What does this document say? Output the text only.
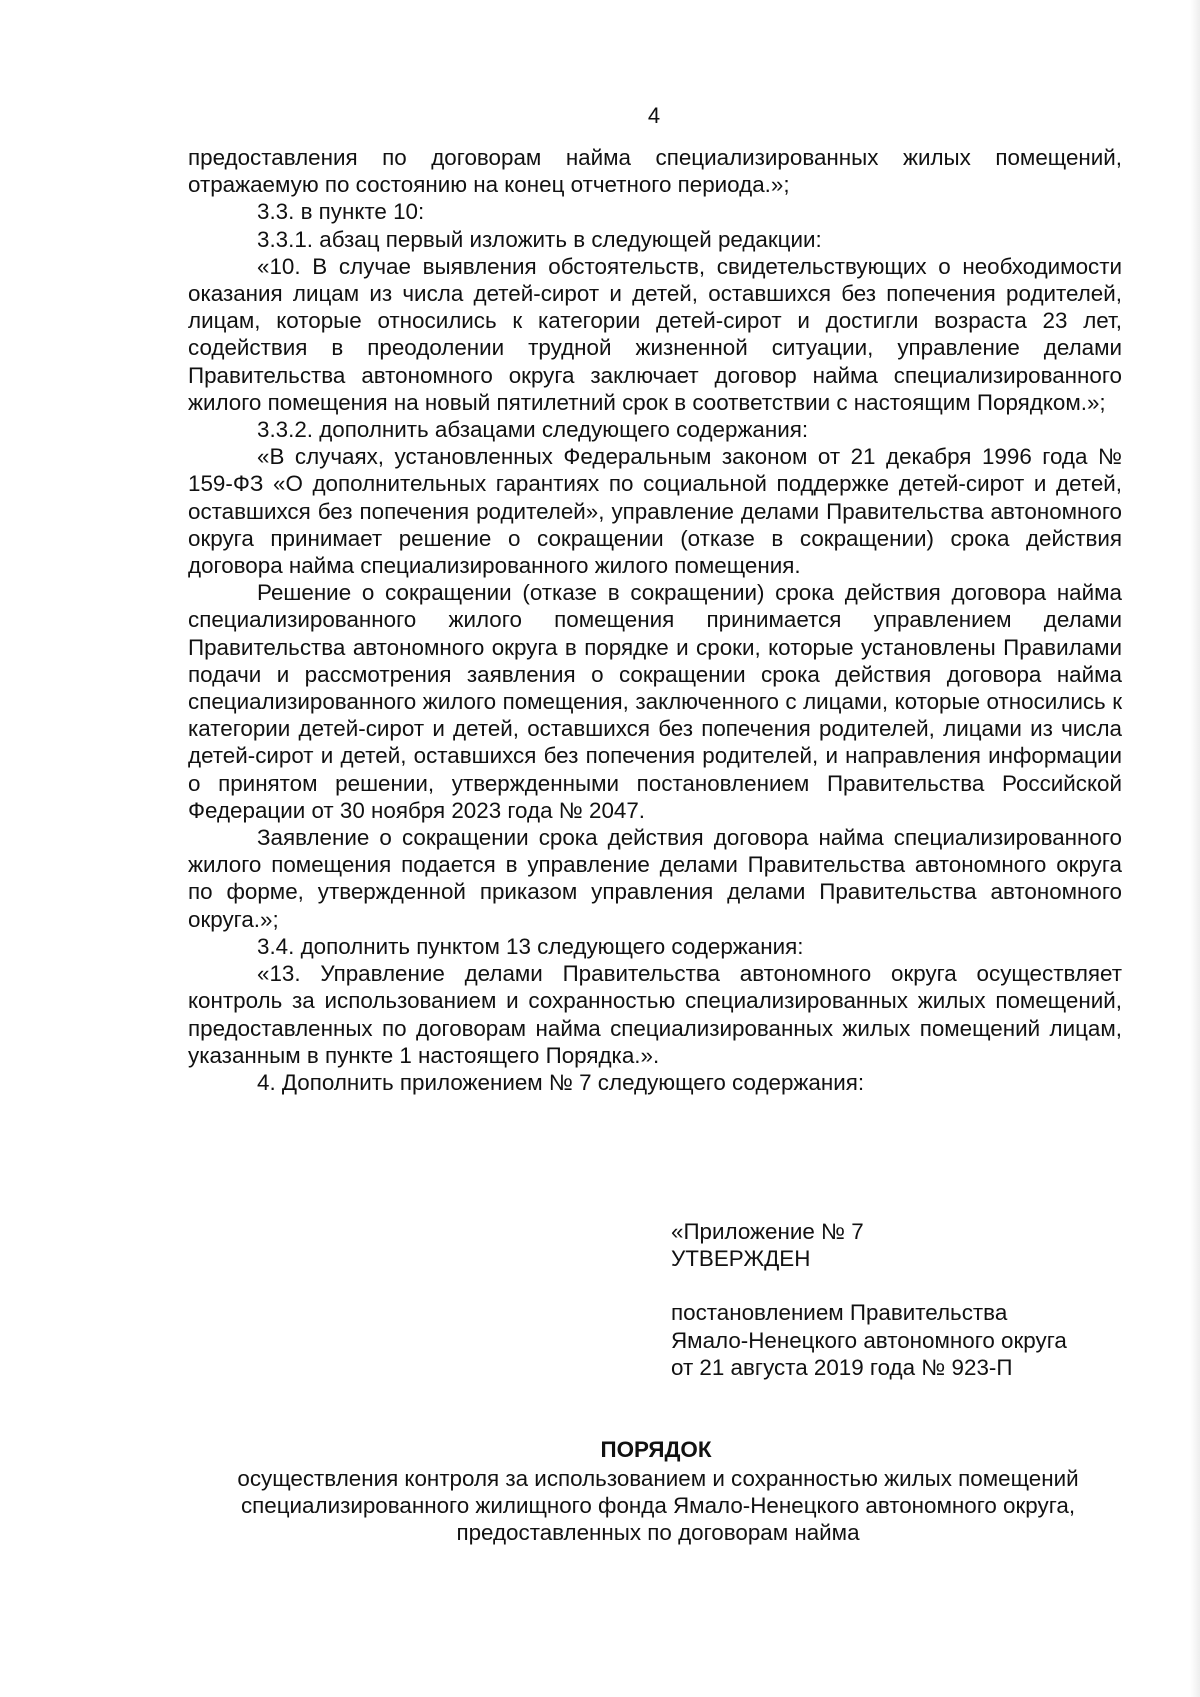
4

предоставления по договорам найма специализированных жилых помещений, отражаемую по состоянию на конец отчетного периода.»;

3.3. в пункте 10:

3.3.1. абзац первый изложить в следующей редакции:

«10. В случае выявления обстоятельств, свидетельствующих о необходимости оказания лицам из числа детей-сирот и детей, оставшихся без попечения родителей, лицам, которые относились к категории детей-сирот и достигли возраста 23 лет, содействия в преодолении трудной жизненной ситуации, управление делами Правительства автономного округа заключает договор найма специализированного жилого помещения на новый пятилетний срок в соответствии с настоящим Порядком.»;

3.3.2. дополнить абзацами следующего содержания:

«В случаях, установленных Федеральным законом от 21 декабря 1996 года № 159-ФЗ «О дополнительных гарантиях по социальной поддержке детей-сирот и детей, оставшихся без попечения родителей», управление делами Правительства автономного округа принимает решение о сокращении (отказе в сокращении) срока действия договора найма специализированного жилого помещения.

Решение о сокращении (отказе в сокращении) срока действия договора найма специализированного жилого помещения принимается управлением делами Правительства автономного округа в порядке и сроки, которые установлены Правилами подачи и рассмотрения заявления о сокращении срока действия договора найма специализированного жилого помещения, заключенного с лицами, которые относились к категории детей-сирот и детей, оставшихся без попечения родителей, лицами из числа детей-сирот и детей, оставшихся без попечения родителей, и направления информации о принятом решении, утвержденными постановлением Правительства Российской Федерации от 30 ноября 2023 года № 2047.

Заявление о сокращении срока действия договора найма специализированного жилого помещения подается в управление делами Правительства автономного округа по форме, утвержденной приказом управления делами Правительства автономного округа.»;

3.4. дополнить пунктом 13 следующего содержания:

«13. Управление делами Правительства автономного округа осуществляет контроль за использованием и сохранностью специализированных жилых помещений, предоставленных по договорам найма специализированных жилых помещений лицам, указанным в пункте 1 настоящего Порядка.».

4. Дополнить приложением № 7 следующего содержания:

«Приложение № 7

УТВЕРЖДЕН

постановлением Правительства

Ямало-Ненецкого автономного округа

от 21 августа 2019 года № 923-П

ПОРЯДОК
осуществления контроля за использованием и сохранностью жилых помещений специализированного жилищного фонда Ямало-Ненецкого автономного округа, предоставленных по договорам найма
